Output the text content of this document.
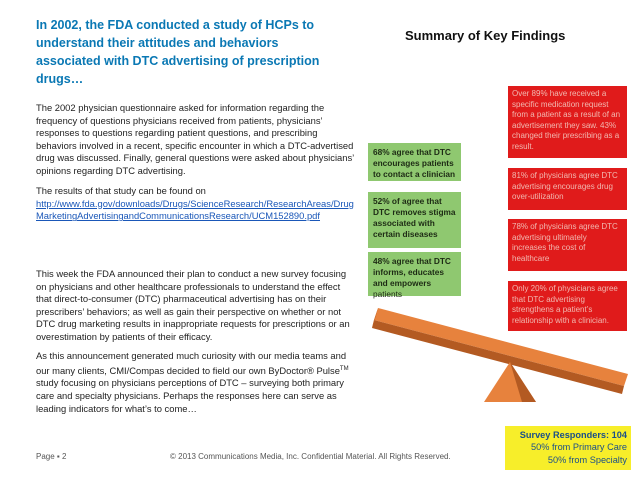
In 2002, the FDA conducted a study of HCPs to understand their attitudes and behaviors associated with DTC advertising of prescription drugs…

The 2002 physician questionnaire asked for information regarding the frequency of questions physicians received from patients, physicians’ responses to questions regarding patient questions, and prescribing behaviors involved in a recent, specific encounter in which a DTC-advertised drug was discussed. Finally, general questions were asked about physicians’ opinions regarding DTC advertising.

The results of that study can be found on
http://www.fda.gov/downloads/Drugs/ScienceResearch/ResearchAreas/DrugMarketingAdvertisingandCommunicationsResearch/UCM152890.pdf

This week the FDA announced their plan to conduct a new survey focusing on physicians and other healthcare professionals to understand the effect that direct-to-consumer (DTC) pharmaceutical advertising has on their prescribers’ behaviors; as well as gain their perspective on whether or not DTC drug marketing results in inappropriate requests for prescriptions or an overestimation by patients of their efficacy.

As this announcement generated much curiosity with our media teams and our many clients, CMI/Compas decided to field our own ByDoctor® Pulse™ study focusing on physicians perceptions of DTC – surveying both primary care and specialty physicians. Perhaps the responses here can serve as leading indicators for what’s to come…

Summary of Key Findings
68% agree that DTC encourages patients to contact a clinician
52% of agree that DTC removes stigma associated with certain diseases
48% agree that DTC informs, educates and empowers patients
Over 89% have received a specific medication request from a patient as a result of an advertisement they saw. 43% changed their prescribing as a result.
81% of physicians agree DTC advertising encourages drug over-utilization
78% of physicians agree DTC advertising ultimately increases the cost of healthcare
Only 20% of physicians agree that DTC advertising strengthens a patient’s relationship with a clinician.
Survey Responders: 104
50% from Primary Care
50% from Specialty
Page ▪ 2	© 2013 Communications Media, Inc. Confidential Material. All Rights Reserved.
